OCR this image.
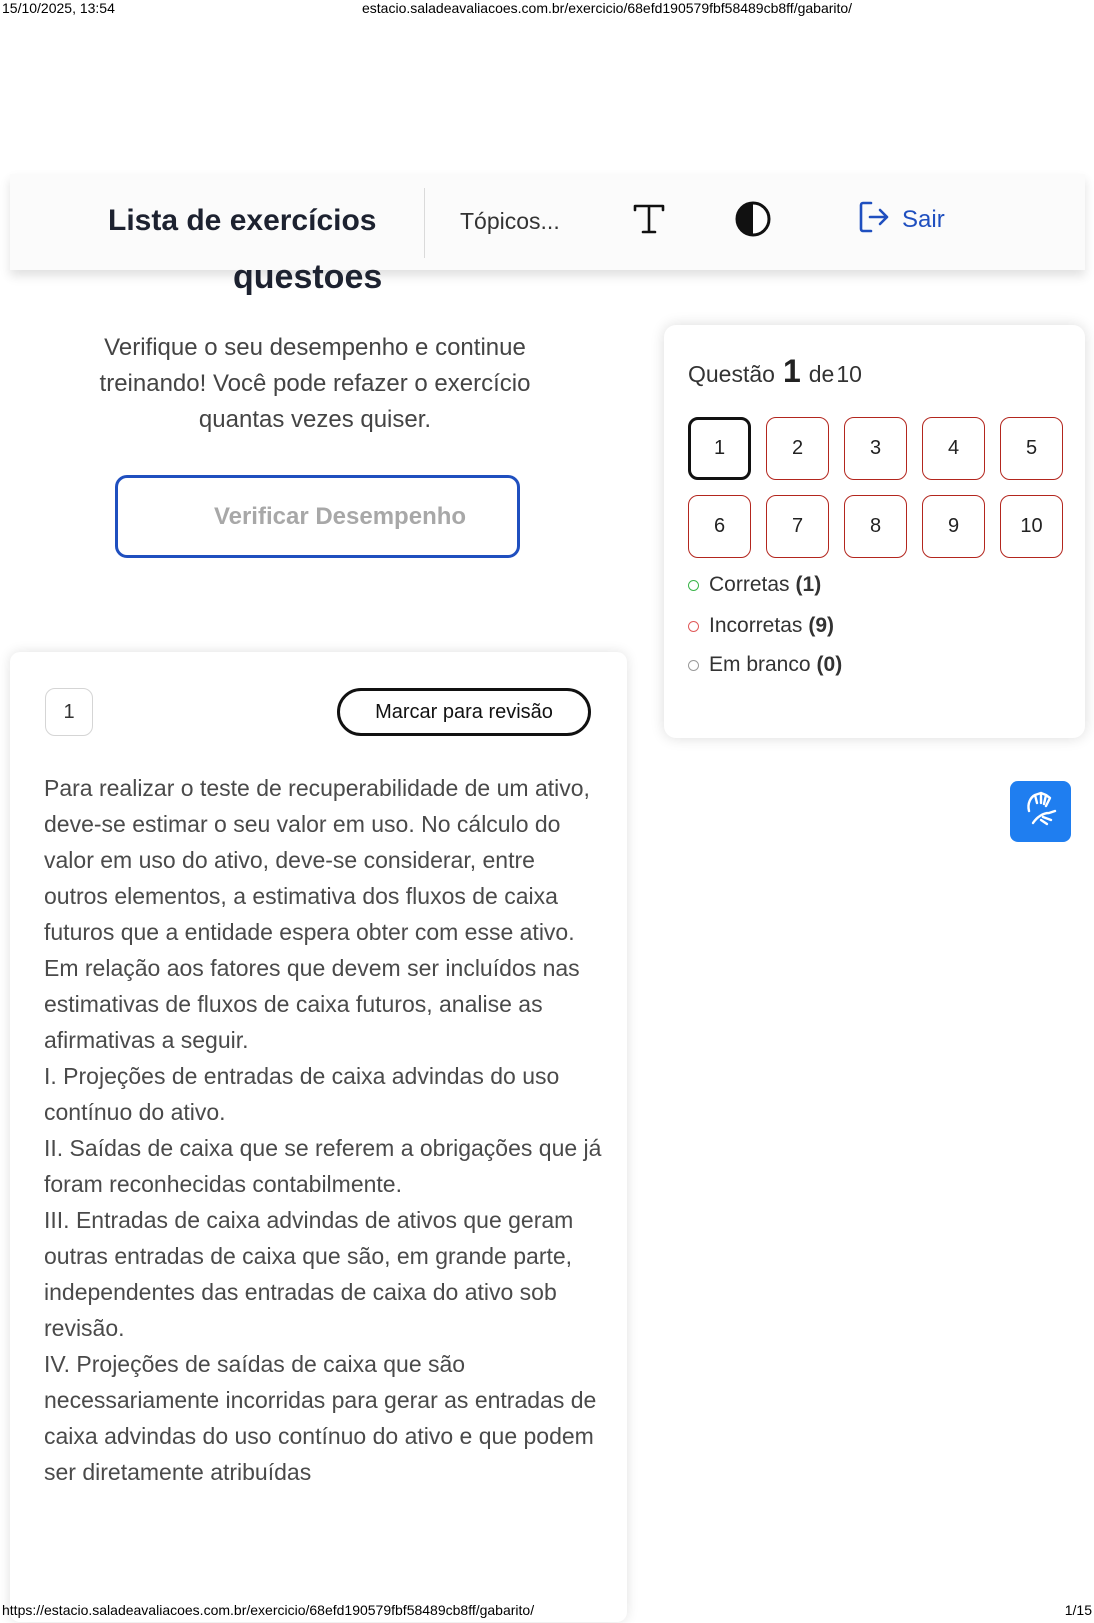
15/10/2025, 13:54	estacio.saladeavaliacoes.com.br/exercicio/68efd190579fbf58489cb8ff/gabarito/
Lista de exercícios	Tópicos...	Sair
questoes
Verifique o seu desempenho e continue treinando! Você pode refazer o exercício quantas vezes quiser.
Verificar Desempenho
1	Marcar para revisão

Para realizar o teste de recuperabilidade de um ativo, deve-se estimar o seu valor em uso. No cálculo do valor em uso do ativo, deve-se considerar, entre outros elementos, a estimativa dos fluxos de caixa futuros que a entidade espera obter com esse ativo. Em relação aos fatores que devem ser incluídos nas estimativas de fluxos de caixa futuros, analise as afirmativas a seguir.

I. Projeções de entradas de caixa advindas do uso contínuo do ativo.

II. Saídas de caixa que se referem a obrigações que já foram reconhecidas contabilmente.

III. Entradas de caixa advindas de ativos que geram outras entradas de caixa que são, em grande parte, independentes das entradas de caixa do ativo sob revisão.

IV. Projeções de saídas de caixa que são necessariamente incorridas para gerar as entradas de caixa advindas do uso contínuo do ativo e que podem ser diretamente atribuídas

Questão 1 de 10
1	2	3	4	5
6	7	8	9	10
Corretas (1)
Incorretas (9)
Em branco (0)
https://estacio.saladeavaliacoes.com.br/exercicio/68efd190579fbf58489cb8ff/gabarito/	1/15
